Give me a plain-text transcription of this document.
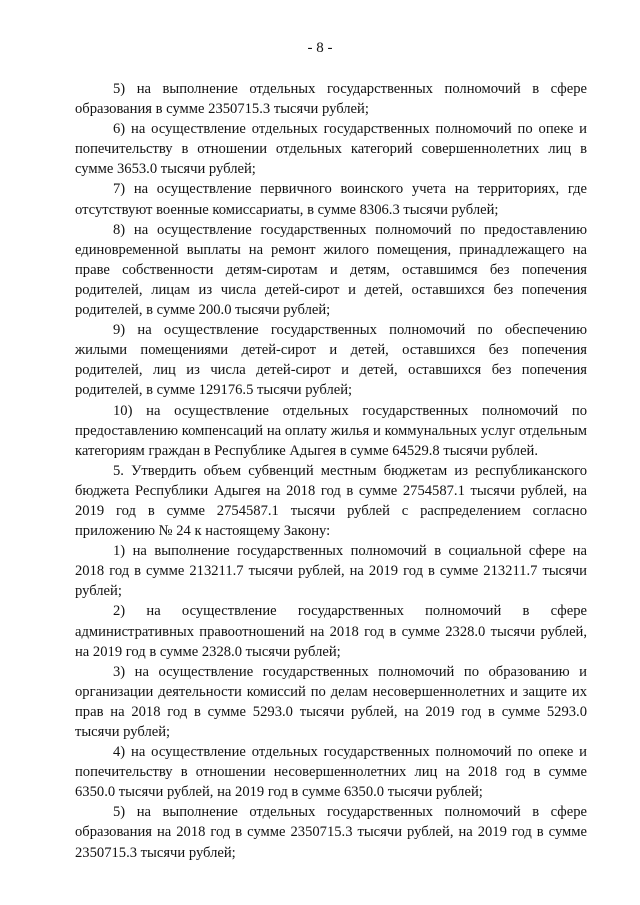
- 8 -

5) на выполнение отдельных государственных полномочий в сфере образования в сумме 2350715.3 тысячи рублей;

6) на осуществление отдельных государственных полномочий по опеке и попечительству в отношении отдельных категорий совершеннолетних лиц в сумме 3653.0 тысячи рублей;

7) на осуществление первичного воинского учета на территориях, где отсутствуют военные комиссариаты, в сумме 8306.3 тысячи рублей;

8) на осуществление государственных полномочий по предоставлению единовременной выплаты на ремонт жилого помещения, принадлежащего на праве собственности детям-сиротам и детям, оставшимся без попечения родителей, лицам из числа детей-сирот и детей, оставшихся без попечения родителей, в сумме 200.0 тысячи рублей;

9) на осуществление государственных полномочий по обеспечению жилыми помещениями детей-сирот и детей, оставшихся без попечения родителей, лиц из числа детей-сирот и детей, оставшихся без попечения родителей, в сумме 129176.5 тысячи рублей;

10) на осуществление отдельных государственных полномочий по предоставлению компенсаций на оплату жилья и коммунальных услуг отдельным категориям граждан в Республике Адыгея в сумме 64529.8 тысячи рублей.

5. Утвердить объем субвенций местным бюджетам из республиканского бюджета Республики Адыгея на 2018 год в сумме 2754587.1 тысячи рублей, на 2019 год в сумме 2754587.1 тысячи рублей с распределением согласно приложению № 24 к настоящему Закону:

1) на выполнение государственных полномочий в социальной сфере на 2018 год в сумме 213211.7 тысячи рублей, на 2019 год в сумме 213211.7 тысячи рублей;

2) на осуществление государственных полномочий в сфере административных правоотношений на 2018 год в сумме 2328.0 тысячи рублей, на 2019 год в сумме 2328.0 тысячи рублей;

3) на осуществление государственных полномочий по образованию и организации деятельности комиссий по делам несовершеннолетних и защите их прав на 2018 год в сумме 5293.0 тысячи рублей, на 2019 год в сумме 5293.0 тысячи рублей;

4) на осуществление отдельных государственных полномочий по опеке и попечительству в отношении несовершеннолетних лиц на 2018 год в сумме 6350.0 тысячи рублей, на 2019 год в сумме 6350.0 тысячи рублей;

5) на выполнение отдельных государственных полномочий в сфере образования на 2018 год в сумме 2350715.3 тысячи рублей, на 2019 год в сумме 2350715.3 тысячи рублей;
